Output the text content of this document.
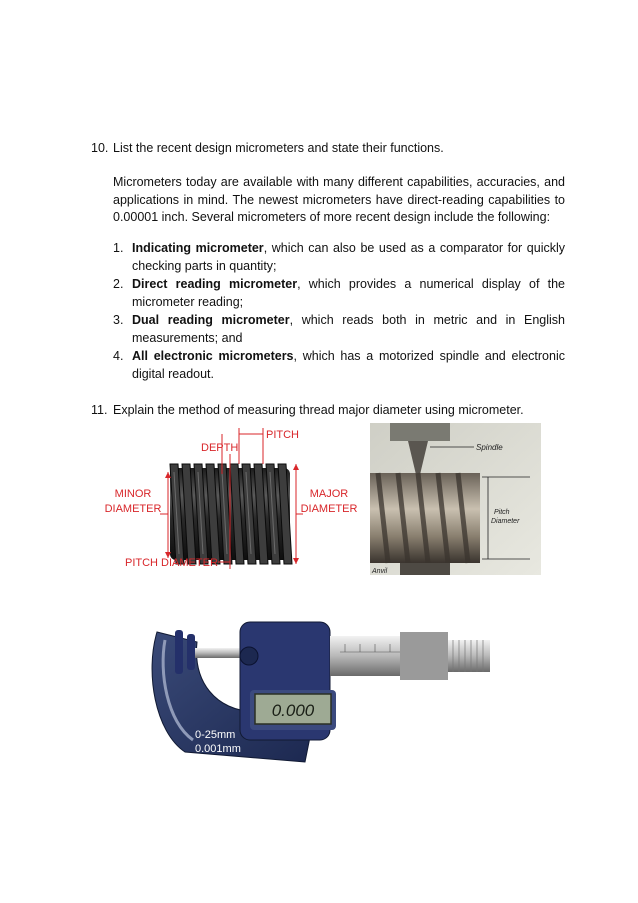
10. List the recent design micrometers and state their functions.
Micrometers today are available with many different capabilities, accuracies, and applications in mind. The newest micrometers have direct-reading capabilities to 0.00001 inch. Several micrometers of more recent design include the following:
1. Indicating micrometer, which can also be used as a comparator for quickly checking parts in quantity;
2. Direct reading micrometer, which provides a numerical display of the micrometer reading;
3. Dual reading micrometer, which reads both in metric and in English measurements; and
4. All electronic micrometers, which has a motorized spindle and electronic digital readout.
11. Explain the method of measuring thread major diameter using micrometer.
DEPTH
PITCH
MINOR
DIAMETER
MAJOR
DIAMETER
PITCH DIAMETER
Spindle
Pitch
Diameter
Anvil
0.000
0-25mm
0.001mm
